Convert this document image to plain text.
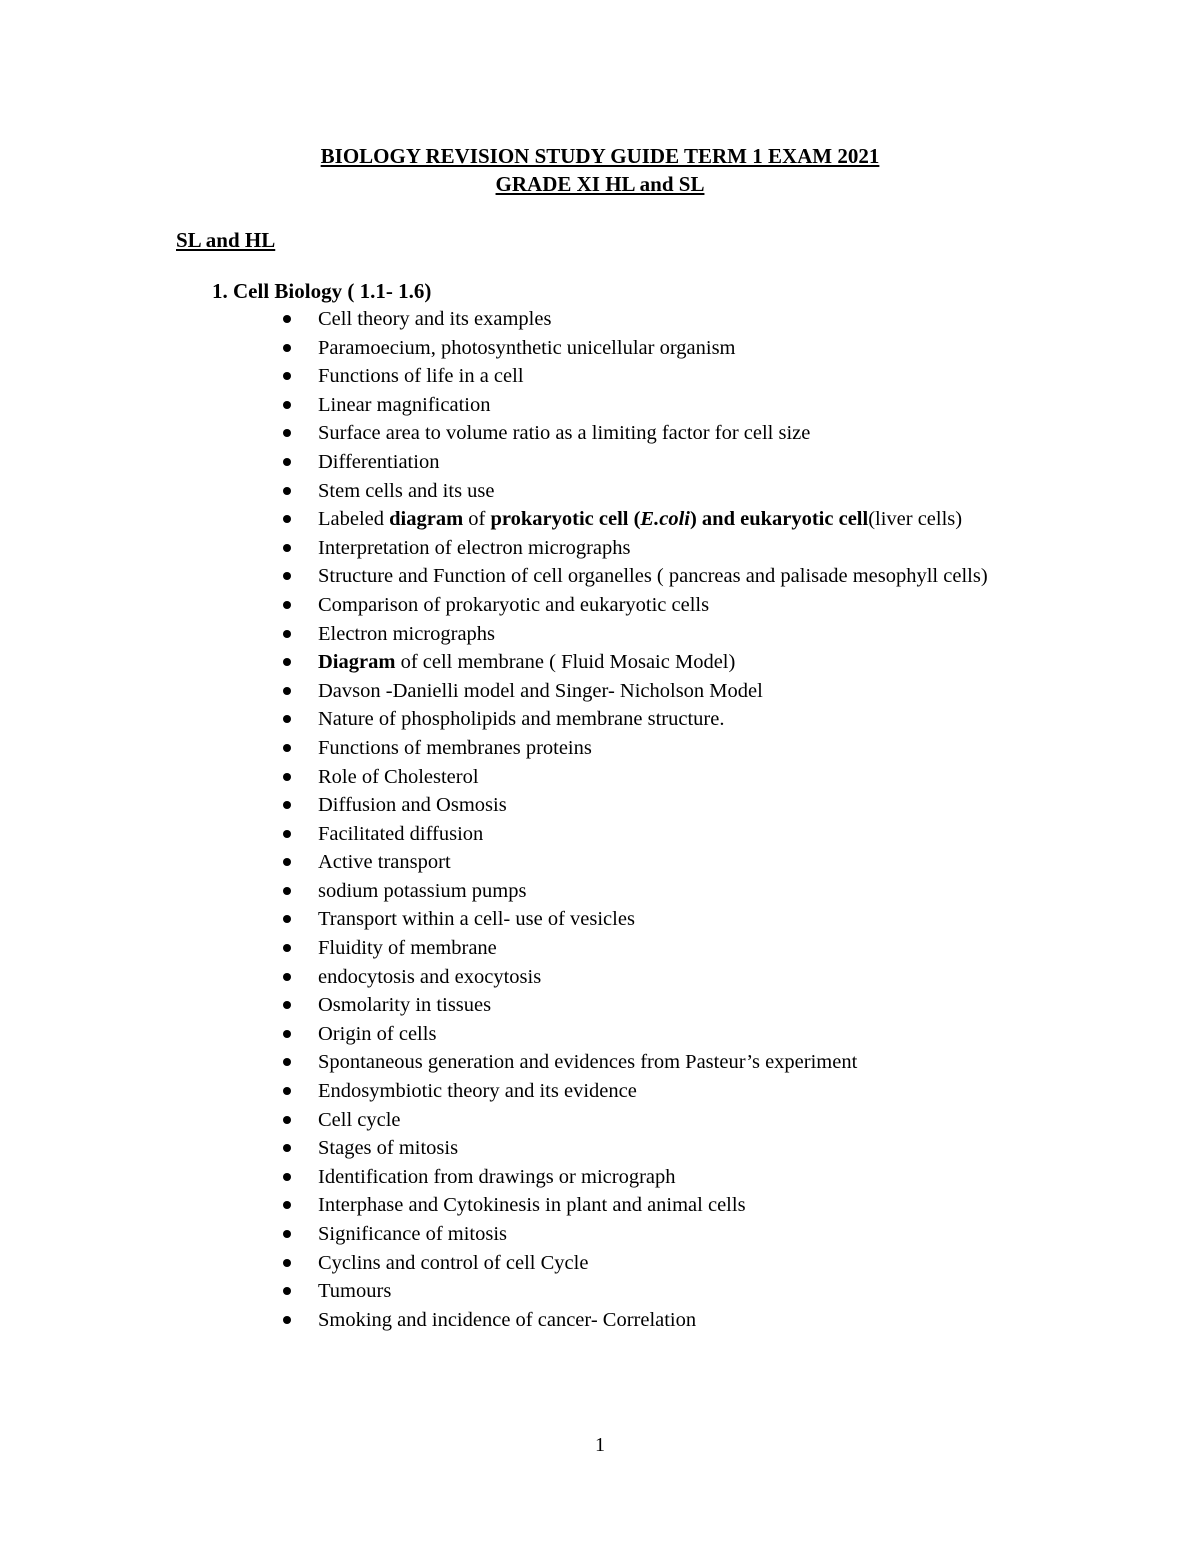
BIOLOGY REVISION STUDY GUIDE TERM 1 EXAM 2021
GRADE XI HL and SL
SL and HL
1. Cell Biology ( 1.1- 1.6)
Cell theory and its examples
Paramoecium, photosynthetic unicellular organism
Functions of life in a cell
Linear magnification
Surface area to volume ratio as a limiting factor for cell size
Differentiation
Stem cells and its use
Labeled diagram of prokaryotic cell (E.coli) and eukaryotic cell(liver cells)
Interpretation of electron micrographs
Structure and Function of cell organelles ( pancreas and palisade mesophyll cells)
Comparison of prokaryotic and eukaryotic cells
Electron micrographs
Diagram of cell membrane ( Fluid Mosaic Model)
Davson -Danielli model and Singer- Nicholson Model
Nature of phospholipids and membrane structure.
Functions of membranes proteins
Role of Cholesterol
Diffusion and Osmosis
Facilitated diffusion
Active transport
sodium potassium pumps
Transport within a cell- use of vesicles
Fluidity of membrane
endocytosis and exocytosis
Osmolarity in tissues
Origin of cells
Spontaneous generation and evidences from Pasteur’s experiment
Endosymbiotic theory and its evidence
Cell cycle
Stages of mitosis
Identification from drawings or micrograph
Interphase and Cytokinesis in plant and animal cells
Significance of mitosis
Cyclins and control of cell Cycle
Tumours
Smoking and incidence of cancer- Correlation
1
